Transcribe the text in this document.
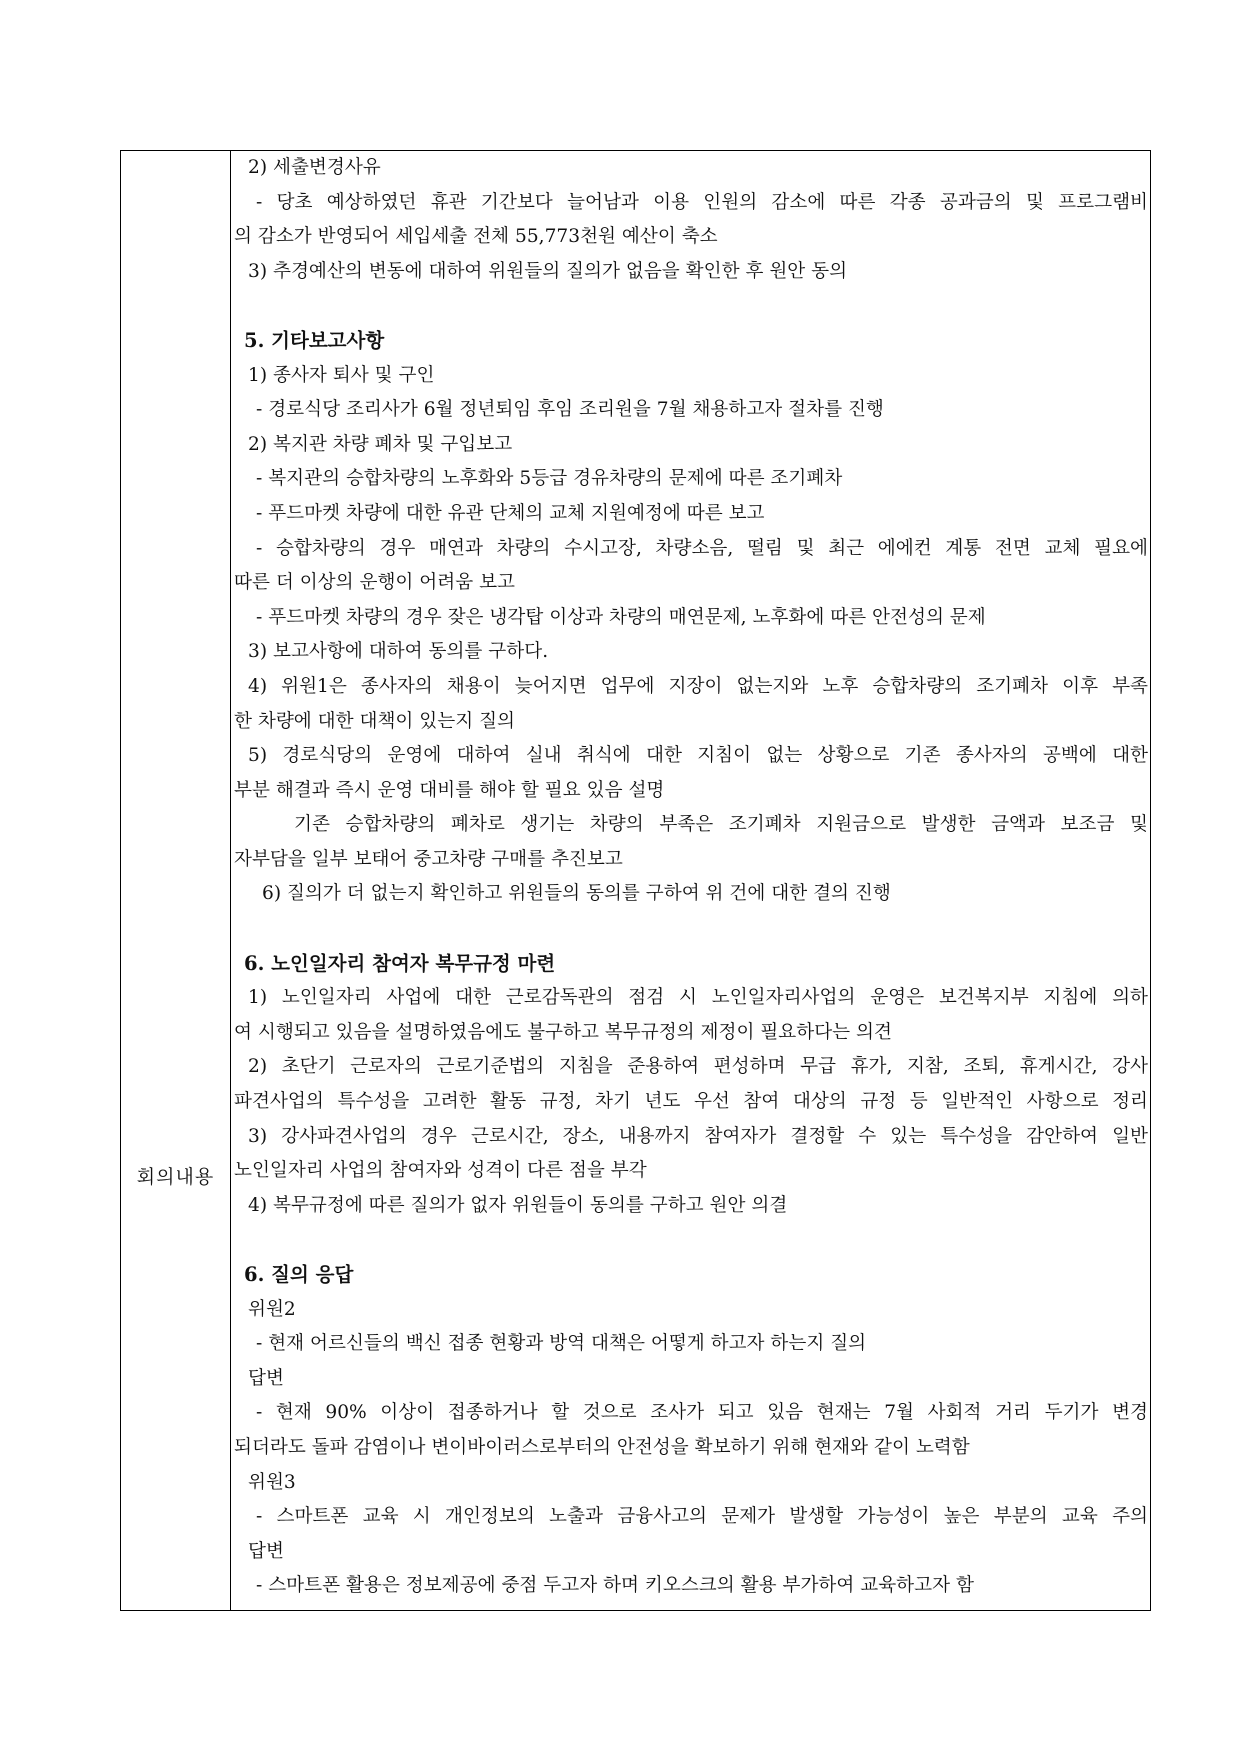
회의내용	
2) 세출변경사유
- 당초 예상하였던 휴관 기간보다 늘어남과 이용 인원의 감소에 따른 각종 공과금의 및 프로그램비
의 감소가 반영되어 세입세출 전체 55,773천원 예산이 축소
3) 추경예산의 변동에 대하여 위원들의 질의가 없음을 확인한 후 원안 동의
5. 기타보고사항
1) 종사자 퇴사 및 구인
- 경로식당 조리사가 6월 정년퇴임 후임 조리원을 7월 채용하고자 절차를 진행
2) 복지관 차량 폐차 및 구입보고
- 복지관의 승합차량의 노후화와 5등급 경유차량의 문제에 따른 조기폐차
- 푸드마켓 차량에 대한 유관 단체의 교체 지원예정에 따른 보고
- 승합차량의 경우 매연과 차량의 수시고장, 차량소음, 떨림 및 최근 에에컨 계통 전면 교체 필요에
따른 더 이상의 운행이 어려움 보고
- 푸드마켓 차량의 경우 잦은 냉각탑 이상과 차량의 매연문제, 노후화에 따른 안전성의 문제
3) 보고사항에 대하여 동의를 구하다.
4) 위원1은 종사자의 채용이 늦어지면 업무에 지장이 없는지와 노후 승합차량의 조기폐차 이후 부족
한 차량에 대한 대책이 있는지 질의
5) 경로식당의 운영에 대하여 실내 취식에 대한 지침이 없는 상황으로 기존 종사자의 공백에 대한
부분 해결과 즉시 운영 대비를 해야 할 필요 있음 설명
기존 승합차량의 폐차로 생기는 차량의 부족은 조기폐차 지원금으로 발생한 금액과 보조금 및
자부담을 일부 보태어 중고차량 구매를 추진보고
6) 질의가 더 없는지 확인하고 위원들의 동의를 구하여 위 건에 대한 결의 진행
6. 노인일자리 참여자 복무규정 마련
1) 노인일자리 사업에 대한 근로감독관의 점검 시 노인일자리사업의 운영은 보건복지부 지침에 의하
여 시행되고 있음을 설명하였음에도 불구하고 복무규정의 제정이 필요하다는 의견
2) 초단기 근로자의 근로기준법의 지침을 준용하여 편성하며 무급 휴가, 지참, 조퇴, 휴게시간, 강사
파견사업의 특수성을 고려한 활동 규정, 차기 년도 우선 참여 대상의 규정 등 일반적인 사항으로 정리
3) 강사파견사업의 경우 근로시간, 장소, 내용까지 참여자가 결정할 수 있는 특수성을 감안하여 일반
노인일자리 사업의 참여자와 성격이 다른 점을 부각
4) 복무규정에 따른 질의가 없자 위원들이 동의를 구하고 원안 의결
6. 질의 응답
위원2
- 현재 어르신들의 백신 접종 현황과 방역 대책은 어떻게 하고자 하는지 질의
답변
- 현재 90% 이상이 접종하거나 할 것으로 조사가 되고 있음 현재는 7월 사회적 거리 두기가 변경
되더라도 돌파 감염이나 변이바이러스로부터의 안전성을 확보하기 위해 현재와 같이 노력함
위원3
- 스마트폰 교육 시 개인정보의 노출과 금융사고의 문제가 발생할 가능성이 높은 부분의 교육 주의
답변
- 스마트폰 활용은 정보제공에 중점 두고자 하며 키오스크의 활용 부가하여 교육하고자 함
